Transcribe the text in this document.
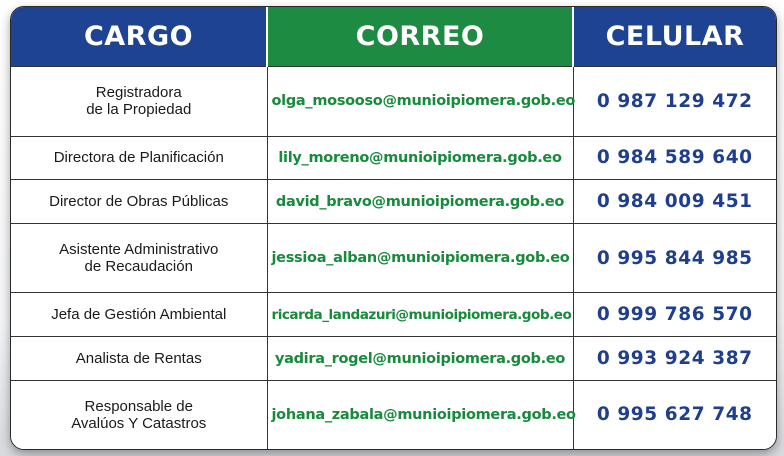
CARGO	CORREO	CELULAR

Registradora
de la Propiedad	olga_mosooso@munioipiomera.gob.eo	0 987 129 472

Directora de Planificación	lily_moreno@munioipiomera.gob.eo	0 984 589 640

Director de Obras Públicas	david_bravo@munioipiomera.gob.eo	0 984 009 451

Asistente Administrativo
de Recaudación	jessioa_alban@munioipiomera.gob.eo	0 995 844 985

Jefa de Gestión Ambiental	ricarda_landazuri@munioipiomera.gob.eo	0 999 786 570

Analista de Rentas	yadira_rogel@munioipiomera.gob.eo	0 993 924 387

Responsable de
Avalúos Y Catastros	johana_zabala@munioipiomera.gob.eo	0 995 627 748
